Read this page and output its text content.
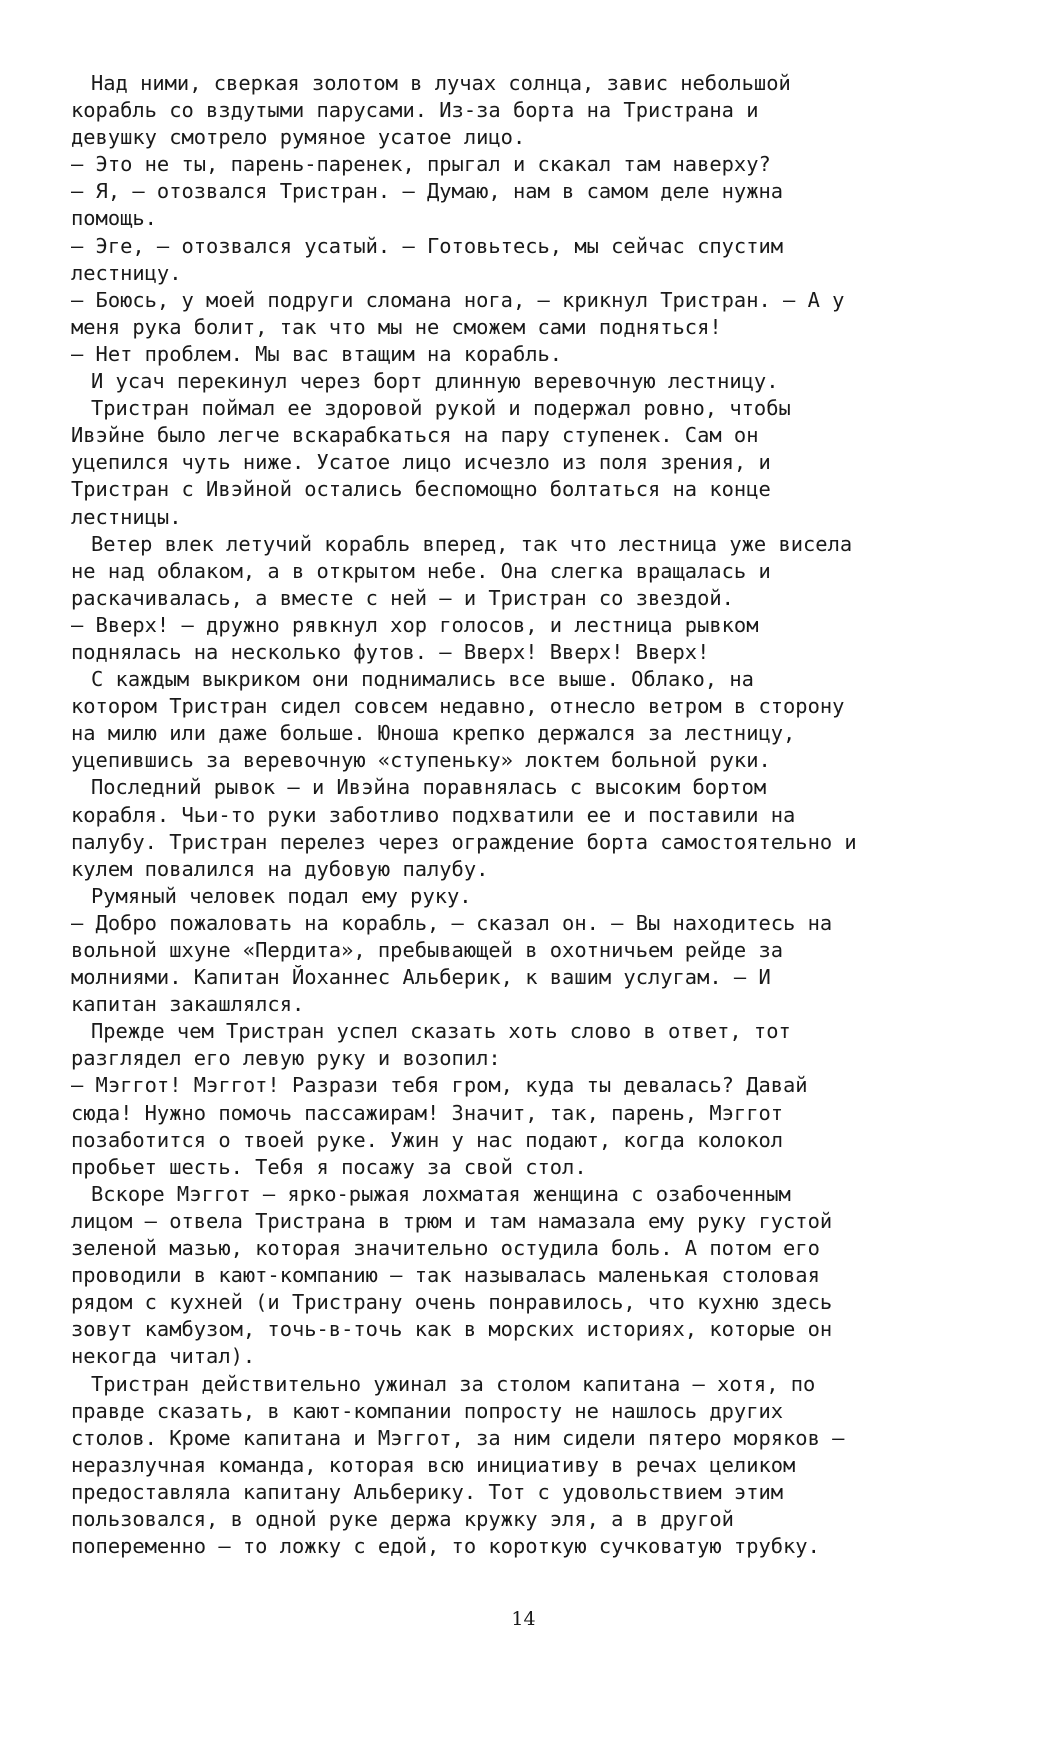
Над ними, сверкая золотом в лучах солнца, завис небольшой
корабль со вздутыми парусами. Из-за борта на Тристрана и
девушку смотрело румяное усатое лицо.
— Это не ты, парень-паренек, прыгал и скакал там наверху?
— Я, — отозвался Тристран. — Думаю, нам в самом деле нужна
помощь.
— Эге, — отозвался усатый. — Готовьтесь, мы сейчас спустим
лестницу.
— Боюсь, у моей подруги сломана нога, — крикнул Тристран. — А у
меня рука болит, так что мы не сможем сами подняться!
— Нет проблем. Мы вас втащим на корабль.
И усач перекинул через борт длинную веревочную лестницу.
Тристран поймал ее здоровой рукой и подержал ровно, чтобы
Ивэйне было легче вскарабкаться на пару ступенек. Сам он
уцепился чуть ниже. Усатое лицо исчезло из поля зрения, и
Тристран с Ивэйной остались беспомощно болтаться на конце
лестницы.
Ветер влек летучий корабль вперед, так что лестница уже висела
не над облаком, а в открытом небе. Она слегка вращалась и
раскачивалась, а вместе с ней — и Тристран со звездой.
— Вверх! — дружно рявкнул хор голосов, и лестница рывком
поднялась на несколько футов. — Вверх! Вверх! Вверх!
С каждым выкриком они поднимались все выше. Облако, на
котором Тристран сидел совсем недавно, отнесло ветром в сторону
на милю или даже больше. Юноша крепко держался за лестницу,
уцепившись за веревочную «ступеньку» локтем больной руки.
Последний рывок — и Ивэйна поравнялась с высоким бортом
корабля. Чьи-то руки заботливо подхватили ее и поставили на
палубу. Тристран перелез через ограждение борта самостоятельно и
кулем повалился на дубовую палубу.
Румяный человек подал ему руку.
— Добро пожаловать на корабль, — сказал он. — Вы находитесь на
вольной шхуне «Пердита», пребывающей в охотничьем рейде за
молниями. Капитан Йоханнес Альберик, к вашим услугам. — И
капитан закашлялся.
Прежде чем Тристран успел сказать хоть слово в ответ, тот
разглядел его левую руку и возопил:
— Мэггот! Мэггот! Разрази тебя гром, куда ты девалась? Давай
сюда! Нужно помочь пассажирам! Значит, так, парень, Мэггот
позаботится о твоей руке. Ужин у нас подают, когда колокол
пробьет шесть. Тебя я посажу за свой стол.
Вскоре Мэггот — ярко-рыжая лохматая женщина с озабоченным
лицом — отвела Тристрана в трюм и там намазала ему руку густой
зеленой мазью, которая значительно остудила боль. А потом его
проводили в кают-компанию — так называлась маленькая столовая
рядом с кухней (и Тристрану очень понравилось, что кухню здесь
зовут камбузом, точь-в-точь как в морских историях, которые он
некогда читал).
Тристран действительно ужинал за столом капитана — хотя, по
правде сказать, в кают-компании попросту не нашлось других
столов. Кроме капитана и Мэггот, за ним сидели пятеро моряков —
неразлучная команда, которая всю инициативу в речах целиком
предоставляла капитану Альберику. Тот с удовольствием этим
пользовался, в одной руке держа кружку эля, а в другой
попеременно — то ложку с едой, то короткую сучковатую трубку.
14
